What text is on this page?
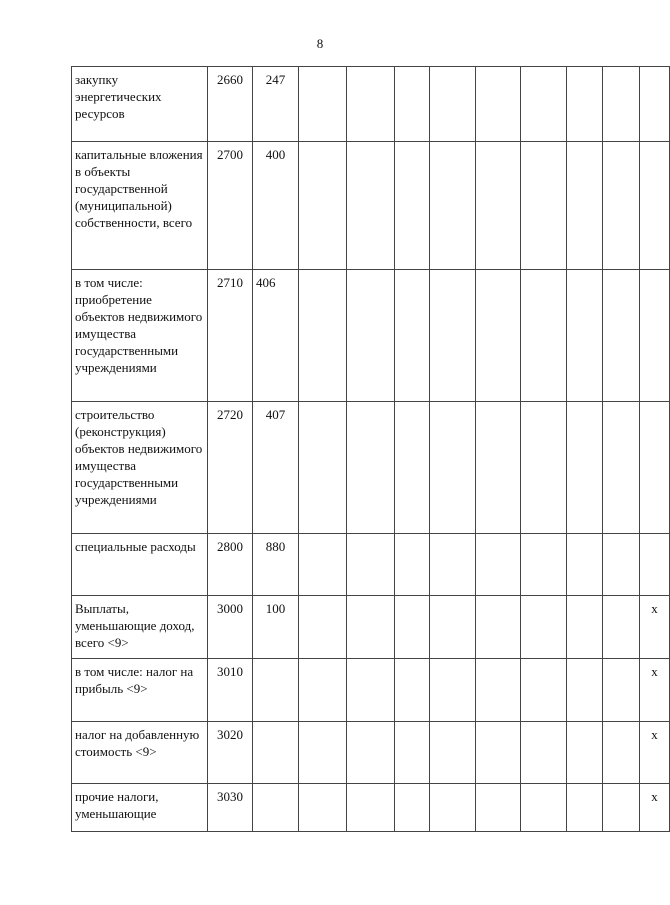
8
закупку энергетических ресурсов	2660	247									
капитальные вложения в объекты государственной (муниципальной) собственности, всего	2700	400									
в том числе: приобретение объектов недвижимого имущества государственными учреждениями	2710	406									
строительство (реконструкция) объектов недвижимого имущества государственными учреждениями	2720	407									
специальные расходы	2800	880									
Выплаты, уменьшающие доход, всего <9>	3000	100									x
в том числе: налог на прибыль <9>	3010										x
налог на добавленную стоимость <9>	3020										x
прочие налоги, уменьшающие	3030										x
